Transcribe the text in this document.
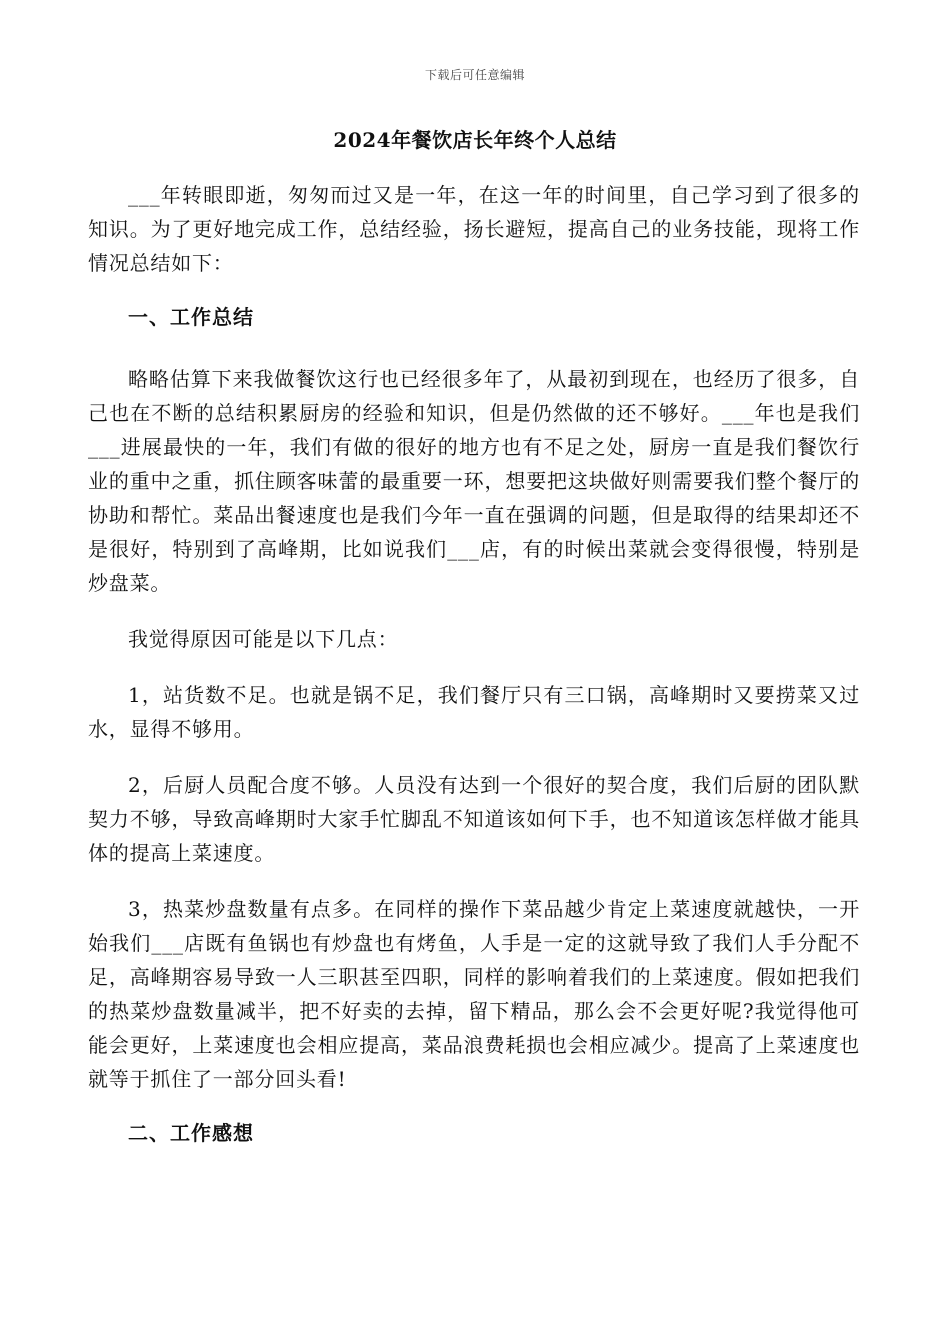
下载后可任意编辑
2024年餐饮店长年终个人总结

___年转眼即逝，匆匆而过又是一年，在这一年的时间里，自己学习到了很多的知识。为了更好地完成工作，总结经验，扬长避短，提高自己的业务技能，现将工作情况总结如下：

一、工作总结

略略估算下来我做餐饮这行也已经很多年了，从最初到现在，也经历了很多，自己也在不断的总结积累厨房的经验和知识，但是仍然做的还不够好。___年也是我们___进展最快的一年，我们有做的很好的地方也有不足之处，厨房一直是我们餐饮行业的重中之重，抓住顾客味蕾的最重要一环，想要把这块做好则需要我们整个餐厅的协助和帮忙。菜品出餐速度也是我们今年一直在强调的问题，但是取得的结果却还不是很好，特别到了高峰期，比如说我们___店，有的时候出菜就会变得很慢，特别是炒盘菜。

我觉得原因可能是以下几点：

1，站货数不足。也就是锅不足，我们餐厅只有三口锅，高峰期时又要捞菜又过水，显得不够用。

2，后厨人员配合度不够。人员没有达到一个很好的契合度，我们后厨的团队默契力不够，导致高峰期时大家手忙脚乱不知道该如何下手，也不知道该怎样做才能具体的提高上菜速度。

3，热菜炒盘数量有点多。在同样的操作下菜品越少肯定上菜速度就越快，一开始我们___店既有鱼锅也有炒盘也有烤鱼，人手是一定的这就导致了我们人手分配不足，高峰期容易导致一人三职甚至四职，同样的影响着我们的上菜速度。假如把我们的热菜炒盘数量减半，把不好卖的去掉，留下精品，那么会不会更好呢?我觉得他可能会更好，上菜速度也会相应提高，菜品浪费耗损也会相应减少。提高了上菜速度也就等于抓住了一部分回头看!

二、工作感想
